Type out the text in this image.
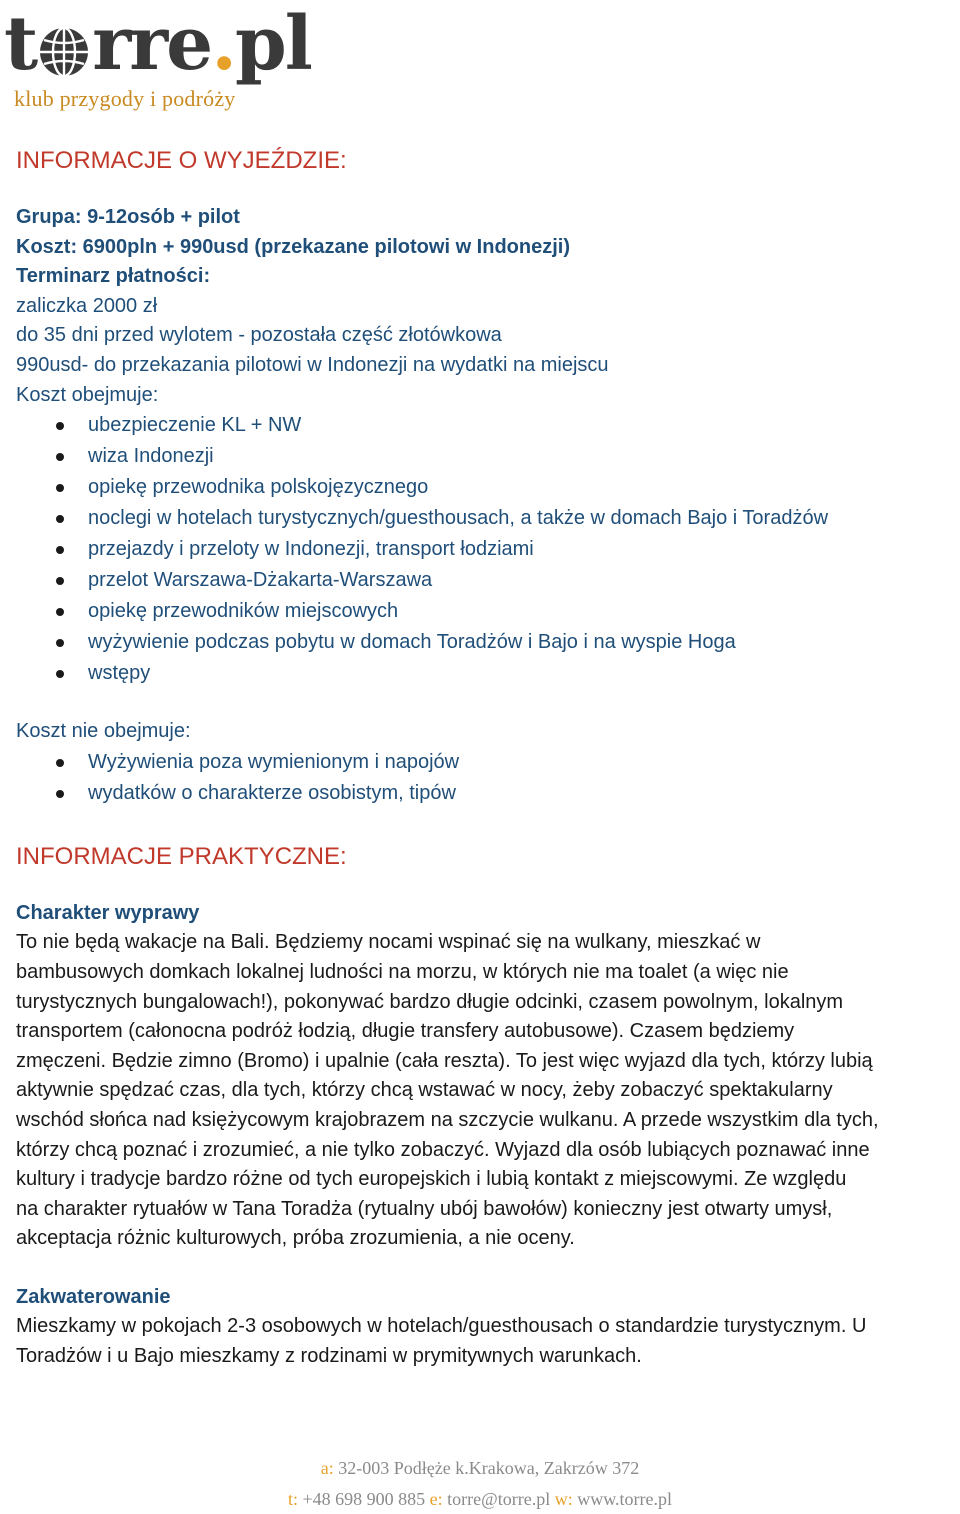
t rre.pl
klub przygody i podróży
INFORMACJE O WYJEŹDZIE:

Grupa: 9-12osób + pilot

Koszt: 6900pln + 990usd (przekazane pilotowi w Indonezji)

Terminarz płatności:

zaliczka 2000 zł

do 35 dni przed wylotem - pozostała część złotówkowa

990usd- do przekazania pilotowi w Indonezji na wydatki na miejscu

Koszt obejmuje:

ubezpieczenie KL + NW
wiza Indonezji
opiekę przewodnika polskojęzycznego
noclegi w hotelach turystycznych/guesthousach, a także w domach Bajo i Toradżów
przejazdy i przeloty w Indonezji, transport łodziami
przelot Warszawa-Dżakarta-Warszawa
opiekę przewodników miejscowych
wyżywienie podczas pobytu w domach Toradżów i Bajo i na wyspie Hoga
wstępy

Koszt nie obejmuje:

Wyżywienia poza wymienionym i napojów
wydatków o charakterze osobistym, tipów
INFORMACJE PRAKTYCZNE:

Charakter wyprawy

To nie będą wakacje na Bali. Będziemy nocami wspinać się na wulkany, mieszkać w
bambusowych domkach lokalnej ludności na morzu, w których nie ma toalet (a więc nie
turystycznych bungalowach!), pokonywać bardzo długie odcinki, czasem powolnym, lokalnym
transportem (całonocna podróż łodzią, długie transfery autobusowe). Czasem będziemy
zmęczeni. Będzie zimno (Bromo) i upalnie (cała reszta). To jest więc wyjazd dla tych, którzy lubią
aktywnie spędzać czas, dla tych, którzy chcą wstawać w nocy, żeby zobaczyć spektakularny
wschód słońca nad księżycowym krajobrazem na szczycie wulkanu. A przede wszystkim dla tych,
którzy chcą poznać i zrozumieć, a nie tylko zobaczyć. Wyjazd dla osób lubiących poznawać inne
kultury i tradycje bardzo różne od tych europejskich i lubią kontakt z miejscowymi. Ze względu
na charakter rytuałów w Tana Toradża (rytualny ubój bawołów) konieczny jest otwarty umysł,
akceptacja różnic kulturowych, próba zrozumienia, a nie oceny.

Zakwaterowanie

Mieszkamy w pokojach 2-3 osobowych w hotelach/guesthousach o standardzie turystycznym. U
Toradżów i u Bajo mieszkamy z rodzinami w prymitywnych warunkach.
a: 32-003 Podłęże k.Krakowa, Zakrzów 372
t: +48 698 900 885 e: torre@torre.pl w: www.torre.pl
